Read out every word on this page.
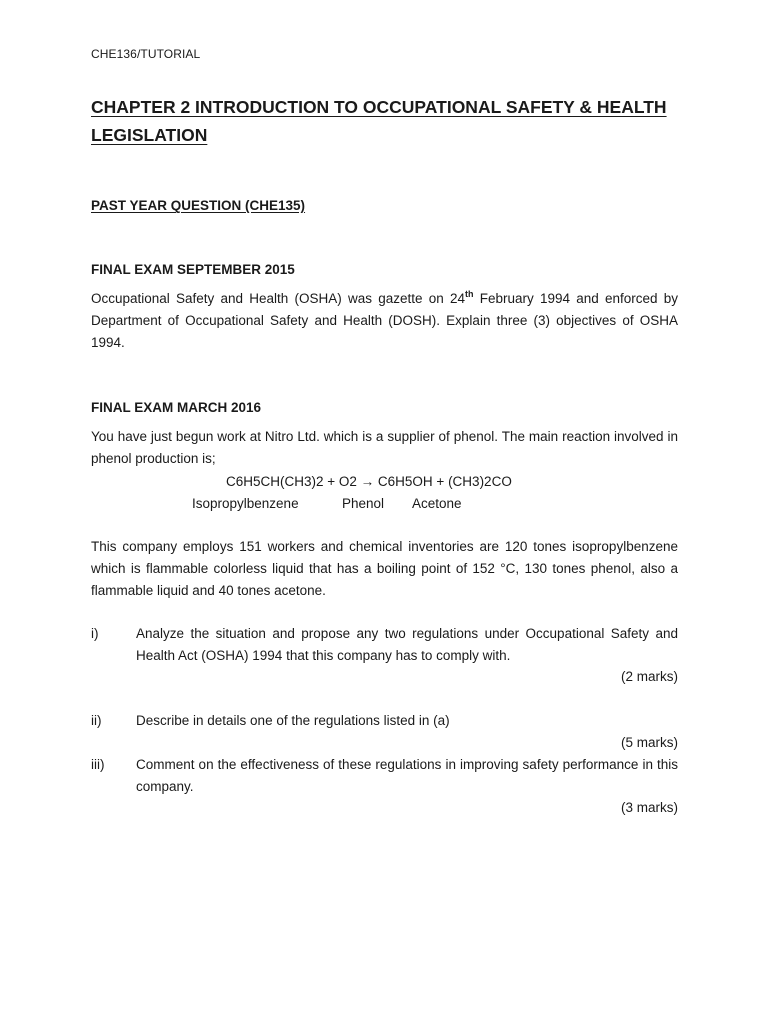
CHE136/TUTORIAL
CHAPTER 2 INTRODUCTION TO OCCUPATIONAL SAFETY & HEALTH LEGISLATION
PAST YEAR QUESTION (CHE135)
FINAL EXAM SEPTEMBER 2015
Occupational Safety and Health (OSHA) was gazette on 24th February 1994 and enforced by Department of Occupational Safety and Health (DOSH). Explain three (3) objectives of OSHA 1994.
FINAL EXAM MARCH 2016
You have just begun work at Nitro Ltd. which is a supplier of phenol. The main reaction involved in phenol production is;
C6H5CH(CH3)2 + O2 → C6H5OH + (CH3)2CO
Isopropylbenzene	Phenol Acetone
This company employs 151 workers and chemical inventories are 120 tones isopropylbenzene which is flammable colorless liquid that has a boiling point of 152 °C, 130 tones phenol, also a flammable liquid and 40 tones acetone.
i)	Analyze the situation and propose any two regulations under Occupational Safety and Health Act (OSHA) 1994 that this company has to comply with.
(2 marks)
ii)	Describe in details one of the regulations listed in (a)
(5 marks)
iii) Comment on the effectiveness of these regulations in improving safety performance in this company.
(3 marks)
